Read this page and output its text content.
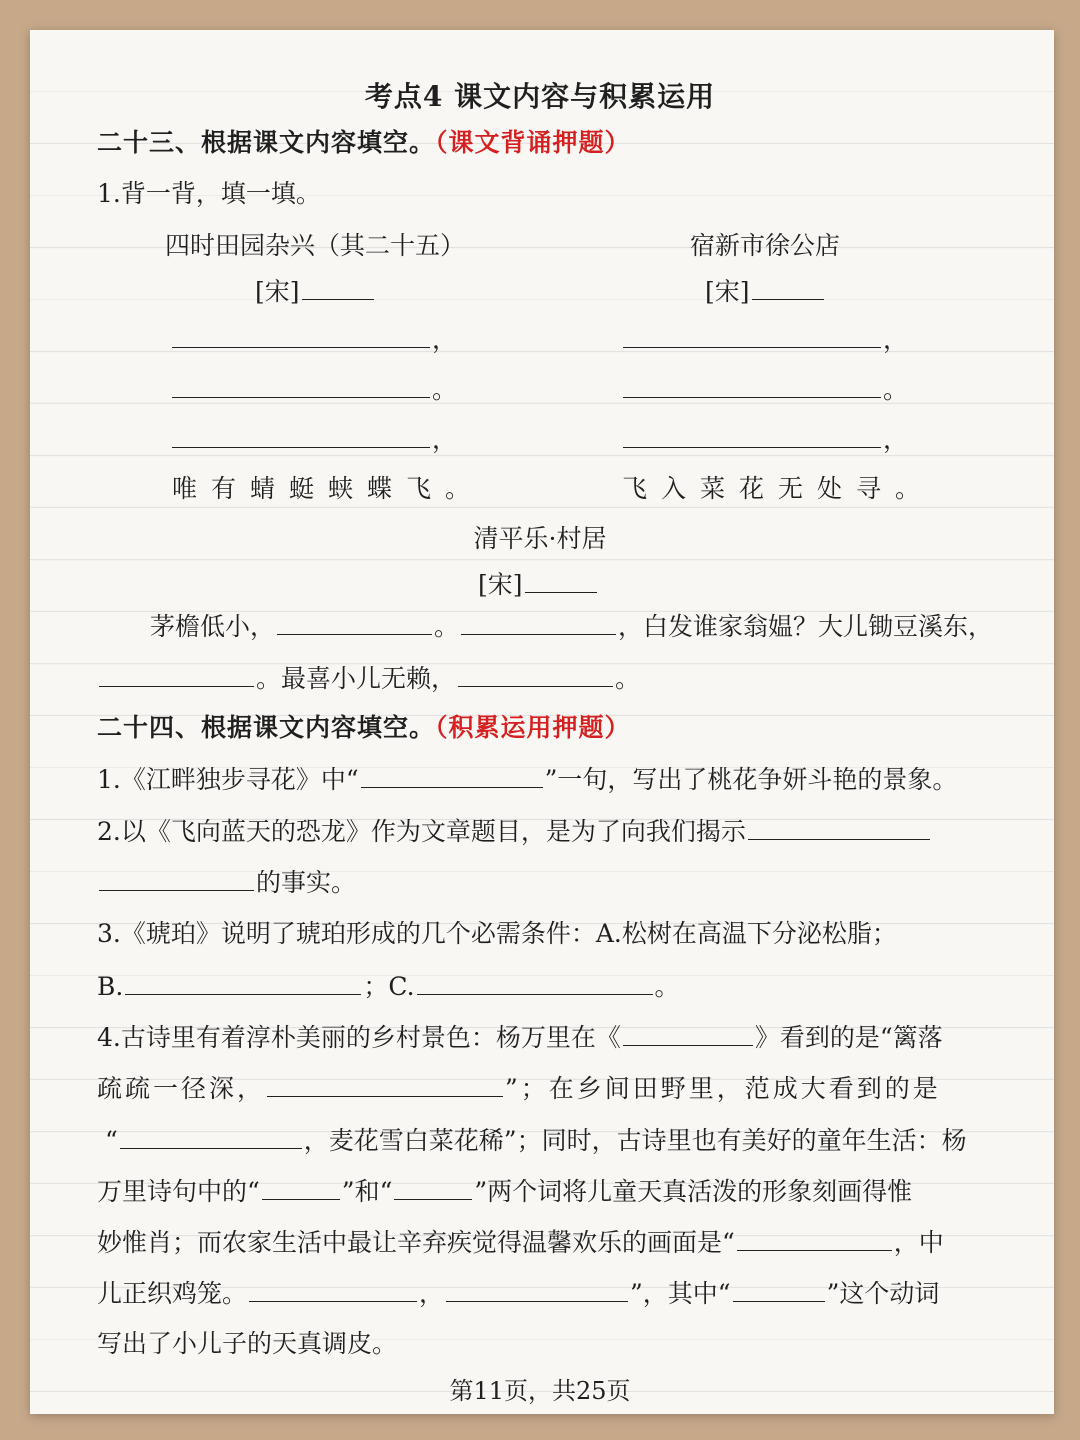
考点4 课文内容与积累运用
二十三、根据课文内容填空。（课文背诵押题）
1.背一背，填一填。
四时田园杂兴（其二十五）
[宋]
，
。
，
唯有蜻蜓蛱蝶飞。
宿新市徐公店
[宋]
，
。
，
飞入菜花无处寻。
清平乐·村居
[宋]
茅檐低小，	。	，白发谁家翁媪？大儿锄豆溪东，
。最喜小儿无赖，	。
二十四、根据课文内容填空。（积累运用押题）
1.《江畔独步寻花》中“	”一句，写出了桃花争妍斗艳的景象。
2.以《飞向蓝天的恐龙》作为文章题目，是为了向我们揭示
的事实。
3.《琥珀》说明了琥珀形成的几个必需条件：A.松树在高温下分泌松脂；
B.	；C.	。
4.古诗里有着淳朴美丽的乡村景色：杨万里在《	》看到的是“篱落
疏疏一径深，	”；在乡间田野里，范成大看到的是
“	，麦花雪白菜花稀”；同时，古诗里也有美好的童年生活：杨
万里诗句中的“	”和“	”两个词将儿童天真活泼的形象刻画得惟
妙惟肖；而农家生活中最让辛弃疾觉得温馨欢乐的画面是“	，中
儿正织鸡笼。	，	”，其中“	”这个动词
写出了小儿子的天真调皮。
第11页，共25页
